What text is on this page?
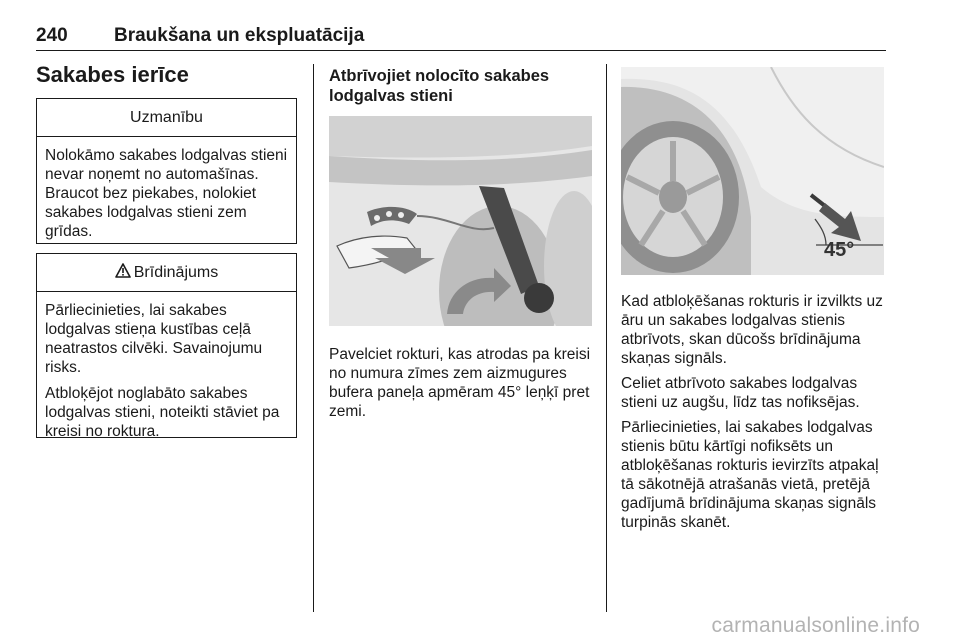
240 Braukšana un ekspluatācija
Sakabes ierīce
Uzmanību

Nolokāmo sakabes lodgalvas stieni nevar noņemt no automašīnas. Braucot bez piekabes, nolokiet sakabes lodgalvas stieni zem grīdas.

Brīdinājums

Pārliecinieties, lai sakabes lodgalvas stieņa kustības ceļā neatrastos cilvēki. Savainojumu risks.

Atbloķējot noglabāto sakabes lodgalvas stieni, noteikti stāviet pa kreisi no roktura.

Atbrīvojiet nolocīto sakabes lodgalvas stieni

Pavelciet rokturi, kas atrodas pa kreisi no numura zīmes zem aizmugures bufera paneļa apmēram 45° leņķī pret zemi.

45°

Kad atbloķēšanas rokturis ir izvilkts uz āru un sakabes lodgalvas stienis atbrīvots, skan dūcošs brīdinājuma skaņas signāls.

Celiet atbrīvoto sakabes lodgalvas stieni uz augšu, līdz tas nofiksējas.

Pārliecinieties, lai sakabes lodgalvas stienis būtu kārtīgi nofiksēts un atbloķēšanas rokturis ievirzīts atpakaļ tā sākotnējā atrašanās vietā, pretējā gadījumā brīdinājuma skaņas signāls turpinās skanēt.

carmanualsonline.info
